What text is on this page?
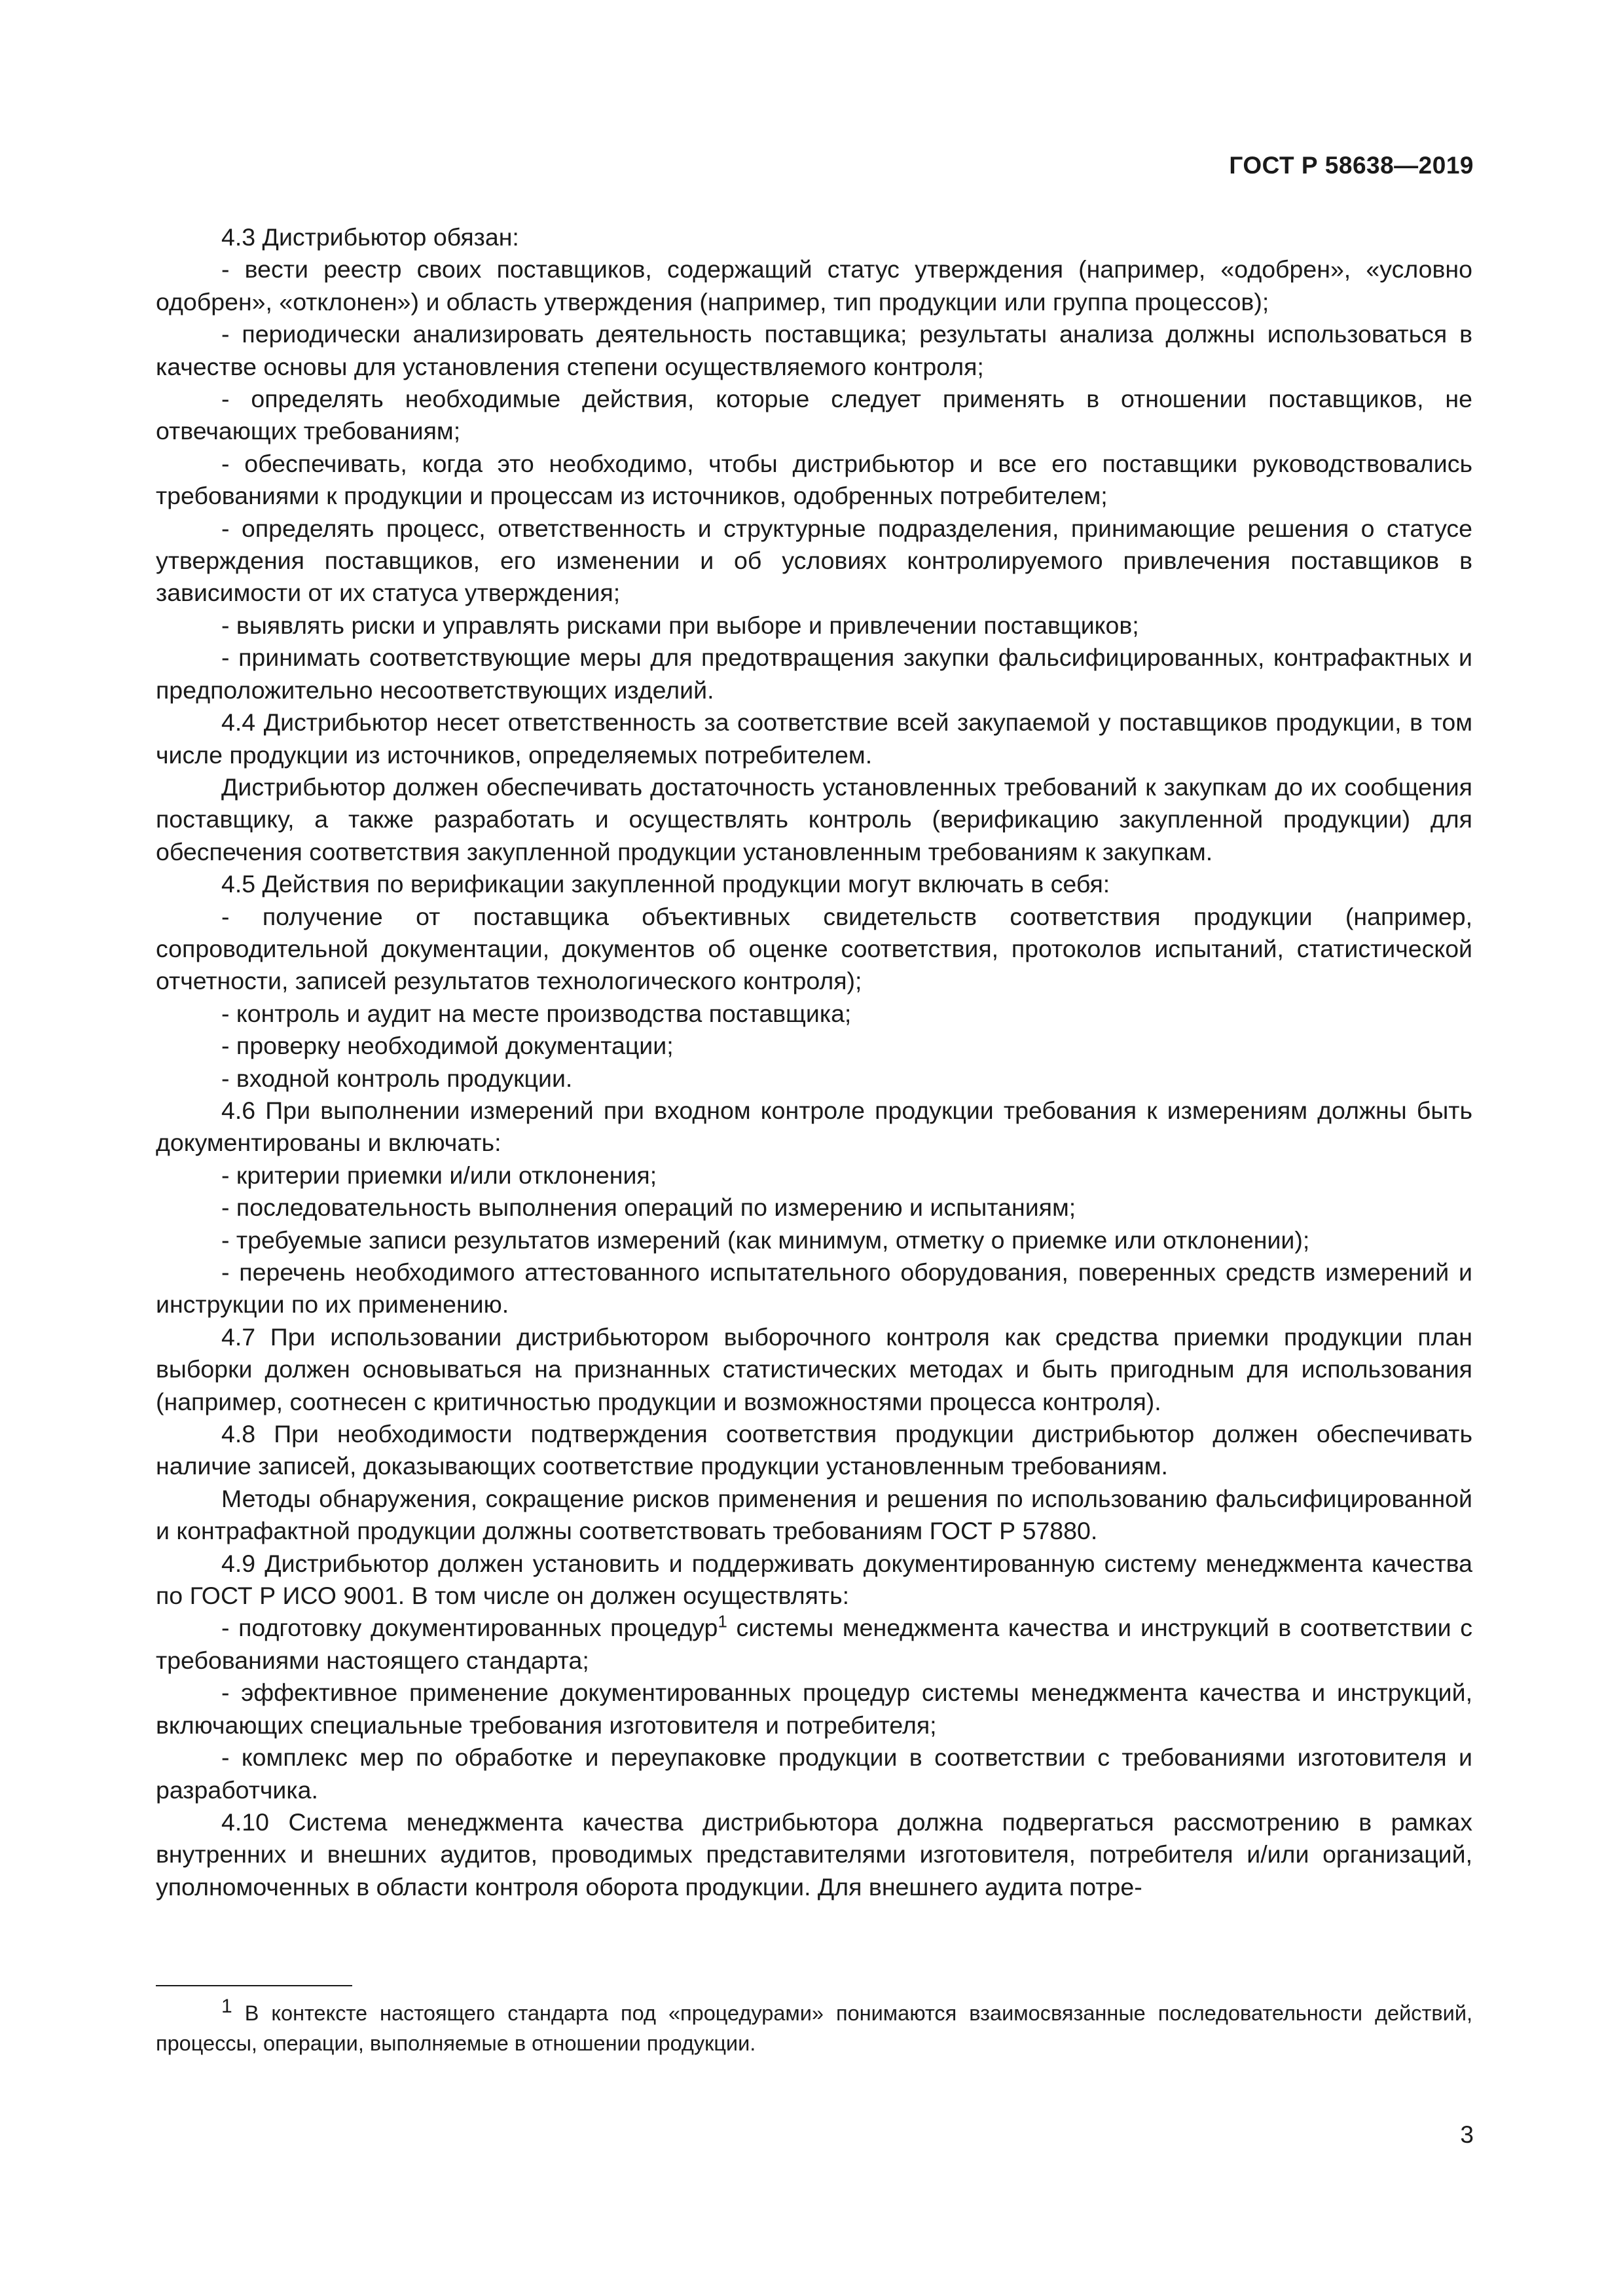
ГОСТ Р 58638—2019

4.3 Дистрибьютор обязан:

- вести реестр своих поставщиков, содержащий статус утверждения (например, «одобрен», «условно одобрен», «отклонен») и область утверждения (например, тип продукции или группа процессов);

- периодически анализировать деятельность поставщика; результаты анализа должны использоваться в качестве основы для установления степени осуществляемого контроля;

- определять необходимые действия, которые следует применять в отношении поставщиков, не отвечающих требованиям;

- обеспечивать, когда это необходимо, чтобы дистрибьютор и все его поставщики руководствовались требованиями к продукции и процессам из источников, одобренных потребителем;

- определять процесс, ответственность и структурные подразделения, принимающие решения о статусе утверждения поставщиков, его изменении и об условиях контролируемого привлечения поставщиков в зависимости от их статуса утверждения;

- выявлять риски и управлять рисками при выборе и привлечении поставщиков;

- принимать соответствующие меры для предотвращения закупки фальсифицированных, контрафактных и предположительно несоответствующих изделий.

4.4 Дистрибьютор несет ответственность за соответствие всей закупаемой у поставщиков продукции, в том числе продукции из источников, определяемых потребителем.

Дистрибьютор должен обеспечивать достаточность установленных требований к закупкам до их сообщения поставщику, а также разработать и осуществлять контроль (верификацию закупленной продукции) для обеспечения соответствия закупленной продукции установленным требованиям к закупкам.

4.5 Действия по верификации закупленной продукции могут включать в себя:

- получение от поставщика объективных свидетельств соответствия продукции (например, сопроводительной документации, документов об оценке соответствия, протоколов испытаний, статистической отчетности, записей результатов технологического контроля);

- контроль и аудит на месте производства поставщика;

- проверку необходимой документации;

- входной контроль продукции.

4.6 При выполнении измерений при входном контроле продукции требования к измерениям должны быть документированы и включать:

- критерии приемки и/или отклонения;

- последовательность выполнения операций по измерению и испытаниям;

- требуемые записи результатов измерений (как минимум, отметку о приемке или отклонении);

- перечень необходимого аттестованного испытательного оборудования, поверенных средств измерений и инструкции по их применению.

4.7 При использовании дистрибьютором выборочного контроля как средства приемки продукции план выборки должен основываться на признанных статистических методах и быть пригодным для использования (например, соотнесен с критичностью продукции и возможностями процесса контроля).

4.8 При необходимости подтверждения соответствия продукции дистрибьютор должен обеспечивать наличие записей, доказывающих соответствие продукции установленным требованиям.

Методы обнаружения, сокращение рисков применения и решения по использованию фальсифицированной и контрафактной продукции должны соответствовать требованиям ГОСТ Р 57880.

4.9 Дистрибьютор должен установить и поддерживать документированную систему менеджмента качества по ГОСТ Р ИСО 9001. В том числе он должен осуществлять:

- подготовку документированных процедур$^1$ системы менеджмента качества и инструкций в соответствии с требованиями настоящего стандарта;

- эффективное применение документированных процедур системы менеджмента качества и инструкций, включающих специальные требования изготовителя и потребителя;

- комплекс мер по обработке и переупаковке продукции в соответствии с требованиями изготовителя и разработчика.

4.10 Система менеджмента качества дистрибьютора должна подвергаться рассмотрению в рамках внутренних и внешних аудитов, проводимых представителями изготовителя, потребителя и/или организаций, уполномоченных в области контроля оборота продукции. Для внешнего аудита потре-

$^1$ В контексте настоящего стандарта под «процедурами» понимаются взаимосвязанные последовательности действий, процессы, операции, выполняемые в отношении продукции.

3
